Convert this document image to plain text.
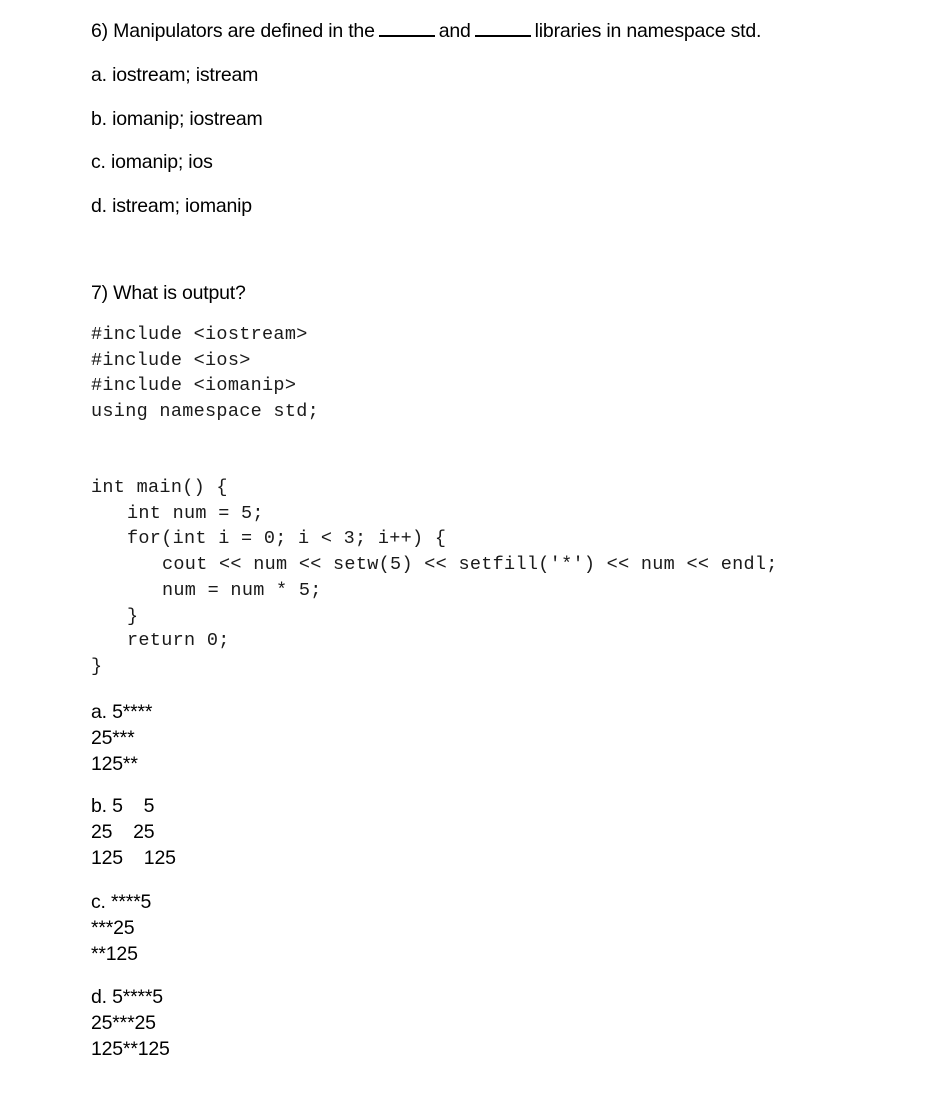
6) Manipulators are defined in the	and	libraries in namespace std.
a. iostream; istream
b. iomanip; iostream
c. iomanip; ios
d. istream; iomanip
7) What is output?
#include <iostream>
#include <ios>
#include <iomanip>
using namespace std;
int main() {
int num = 5;
for(int i = 0; i < 3; i++) {
cout << num << setw(5) << setfill('*') << num << endl;
num = num * 5;
}
return 0;
}
a. 5****
25***
125**
b. 5    5
25    25
125    125
c. ****5
***25
**125
d. 5****5
25***25
125**125
